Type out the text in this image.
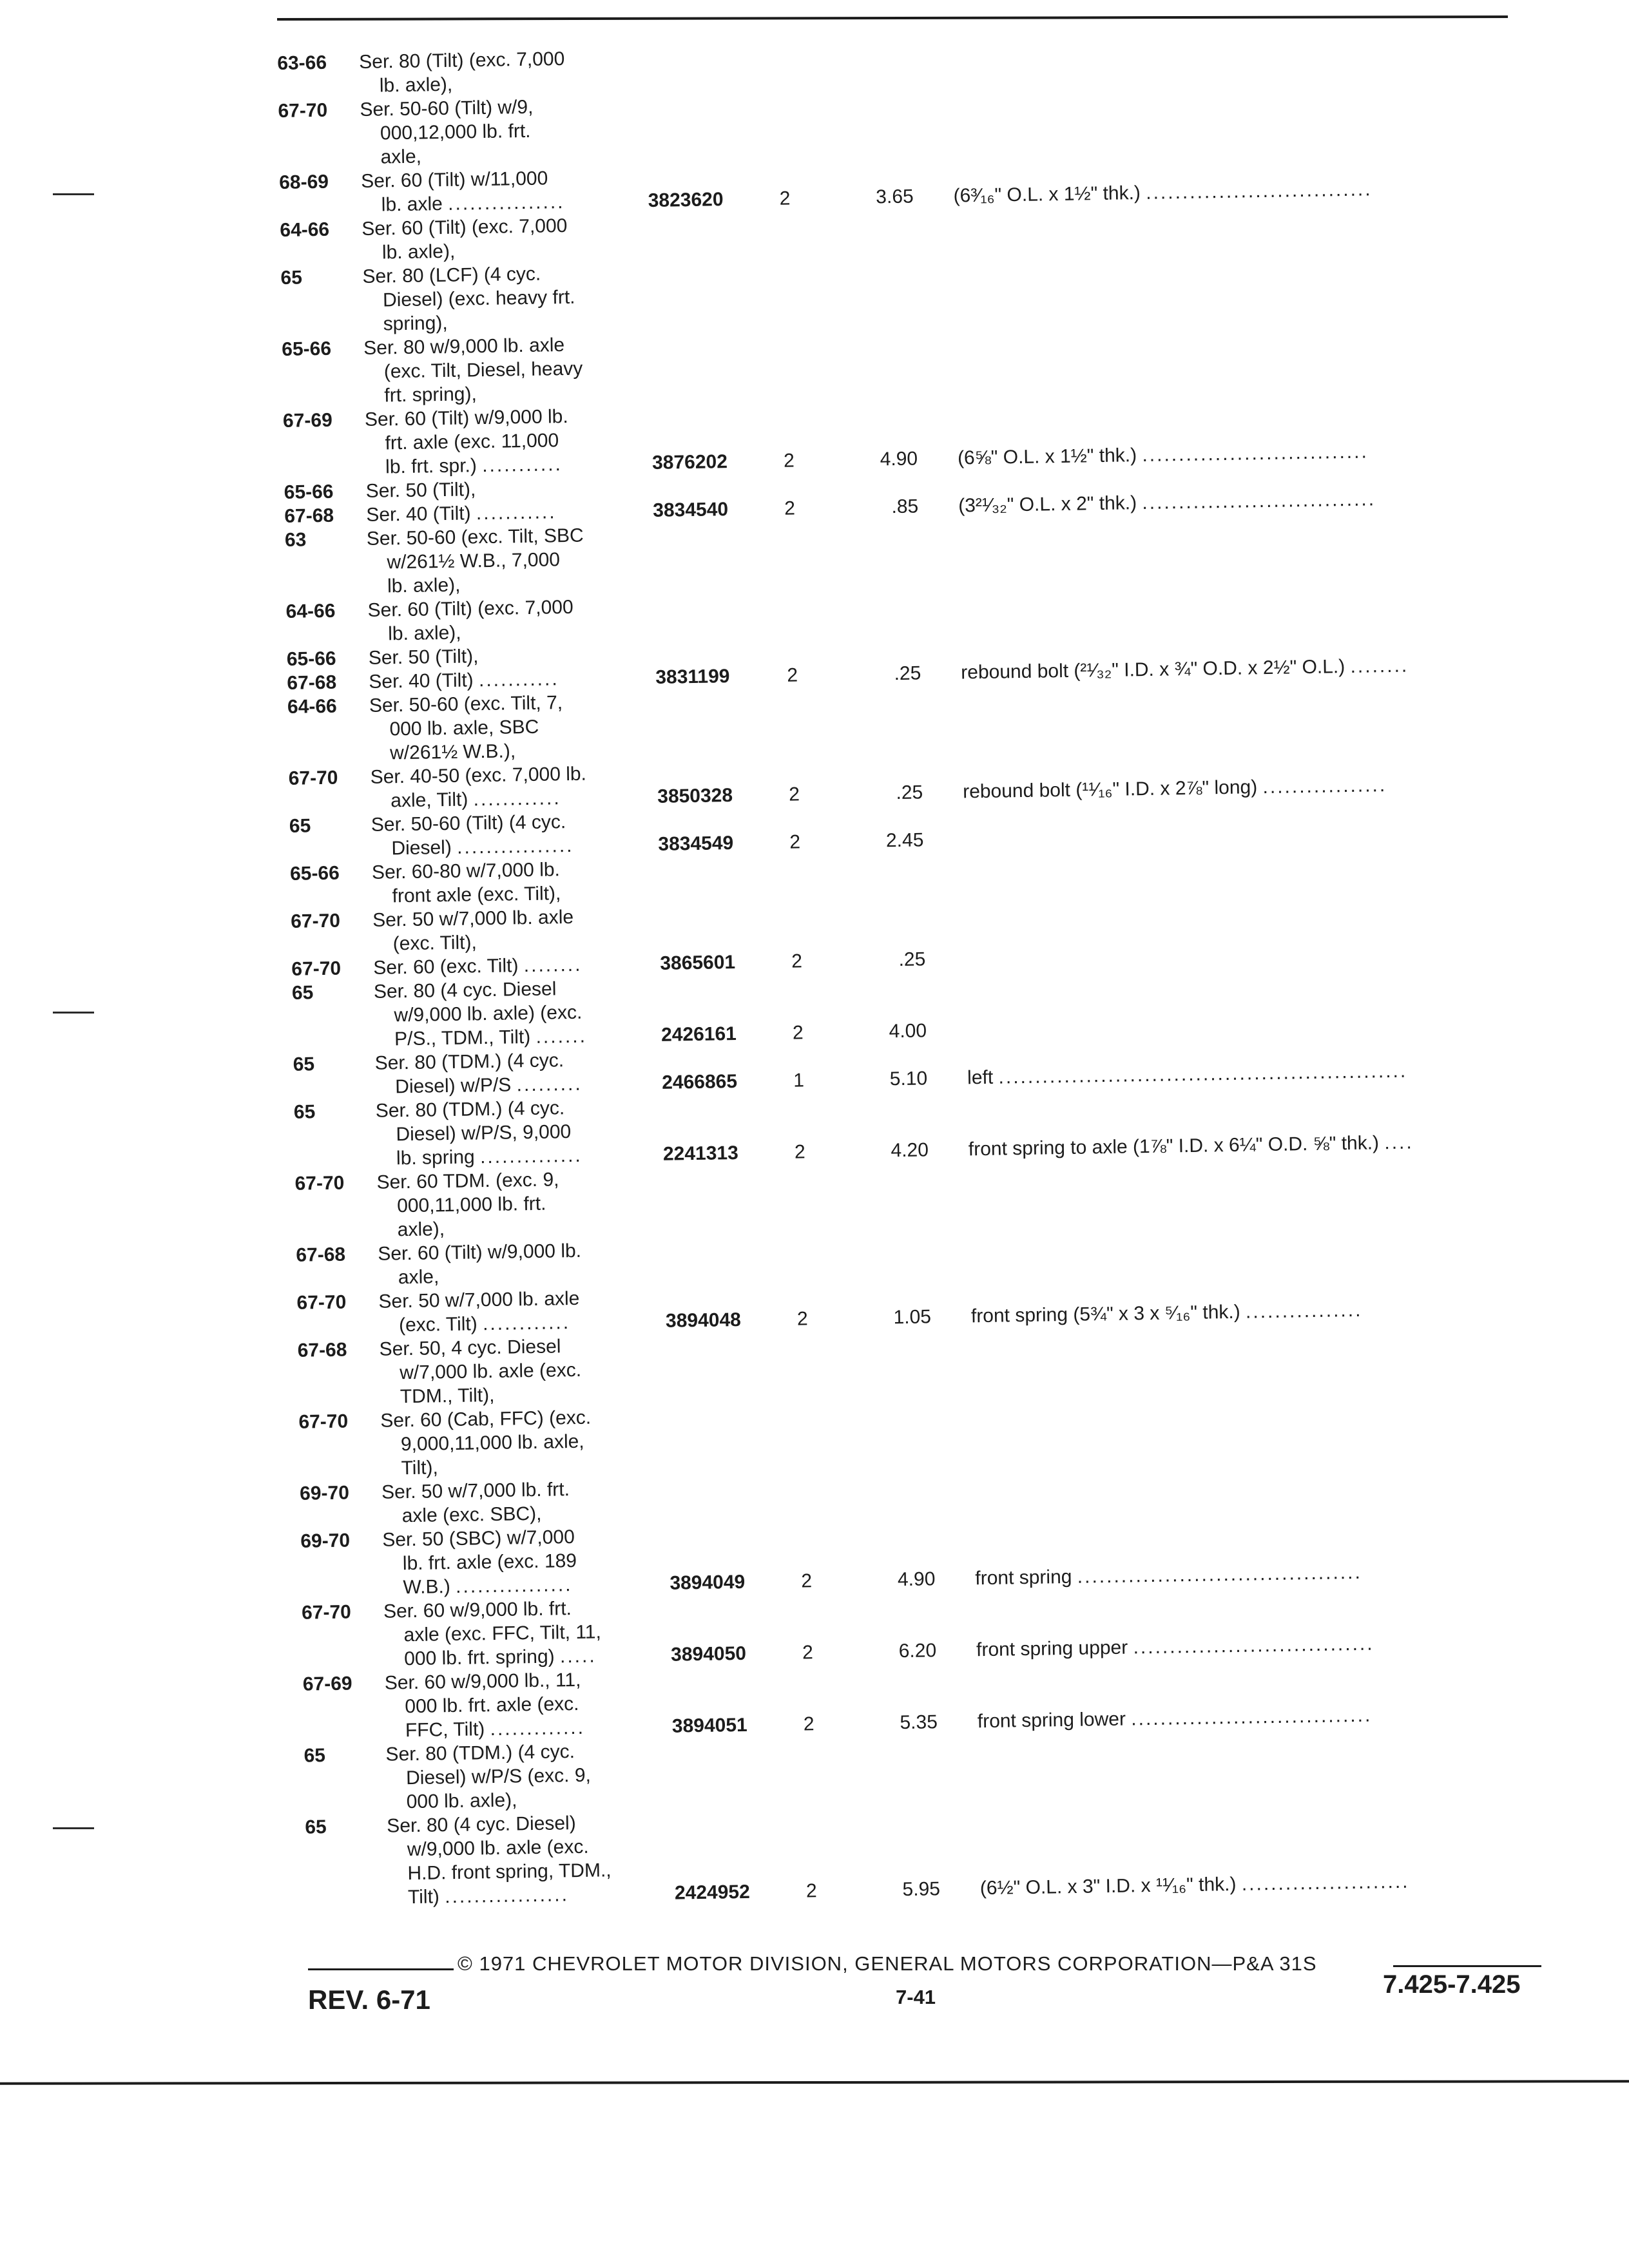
63-66 Ser. 80 (Tilt) (exc. 7,000
lb. axle),
67-70 Ser. 50-60 (Tilt) w/9,
000,12,000 lb. frt.
axle,
68-69 Ser. 60 (Tilt) w/11,000
lb. axle ................	3823620	2	3.65 (6³⁄₁₆" O.L. x 1½" thk.) ...............................
64-66 Ser. 60 (Tilt) (exc. 7,000
lb. axle),
65	Ser. 80 (LCF) (4 cyc.
Diesel) (exc. heavy frt.
spring),
65-66 Ser. 80 w/9,000 lb. axle
(exc. Tilt, Diesel, heavy
frt. spring),
67-69 Ser. 60 (Tilt) w/9,000 lb.
frt. axle (exc. 11,000
lb. frt. spr.) ...........	3876202	2	4.90 (6⅝" O.L. x 1½" thk.) ...............................
65-66 Ser. 50 (Tilt),
67-68 Ser. 40 (Tilt) ...........	3834540	2	.85 (3²¹⁄₃₂" O.L. x 2" thk.) ................................
63	Ser. 50-60 (exc. Tilt, SBC
w/261½ W.B., 7,000
lb. axle),
64-66 Ser. 60 (Tilt) (exc. 7,000
lb. axle),
65-66 Ser. 50 (Tilt),
67-68 Ser. 40 (Tilt) ...........	3831199	2	.25 rebound bolt (²¹⁄₃₂" I.D. x ¾" O.D. x 2½" O.L.) ........
64-66 Ser. 50-60 (exc. Tilt, 7,
000 lb. axle, SBC
w/261½ W.B.),
67-70 Ser. 40-50 (exc. 7,000 lb.
axle, Tilt) ............	3850328	2	.25 rebound bolt (¹¹⁄₁₆" I.D. x 2⅞" long) .................
65	Ser. 50-60 (Tilt) (4 cyc.
Diesel) ................	3834549	2	2.45
65-66 Ser. 60-80 w/7,000 lb.
front axle (exc. Tilt),
67-70 Ser. 50 w/7,000 lb. axle
(exc. Tilt),
67-70 Ser. 60 (exc. Tilt) ........	3865601	2	.25
65	Ser. 80 (4 cyc. Diesel
w/9,000 lb. axle) (exc.
P/S., TDM., Tilt) .......	2426161	2	4.00
65	Ser. 80 (TDM.) (4 cyc.
Diesel) w/P/S .........	2466865	1	5.10 left ........................................................
65	Ser. 80 (TDM.) (4 cyc.
Diesel) w/P/S, 9,000
lb. spring ..............	2241313	2	4.20 front spring to axle (1⅞" I.D. x 6¼" O.D. ⅝" thk.) ....
67-70 Ser. 60 TDM. (exc. 9,
000,11,000 lb. frt.
axle),
67-68 Ser. 60 (Tilt) w/9,000 lb.
axle,
67-70 Ser. 50 w/7,000 lb. axle
(exc. Tilt) ............	3894048	2	1.05 front spring (5¾" x 3 x ⁵⁄₁₆" thk.) ................
67-68 Ser. 50, 4 cyc. Diesel
w/7,000 lb. axle (exc.
TDM., Tilt),
67-70 Ser. 60 (Cab, FFC) (exc.
9,000,11,000 lb. axle,
Tilt),
69-70 Ser. 50 w/7,000 lb. frt.
axle (exc. SBC),
69-70 Ser. 50 (SBC) w/7,000
lb. frt. axle (exc. 189
W.B.) ................	3894049	2	4.90 front spring .......................................
67-70 Ser. 60 w/9,000 lb. frt.
axle (exc. FFC, Tilt, 11,
000 lb. frt. spring) .....	3894050	2	6.20 front spring upper .................................
67-69 Ser. 60 w/9,000 lb., 11,
000 lb. frt. axle (exc.
FFC, Tilt) .............	3894051	2	5.35 front spring lower .................................
65	Ser. 80 (TDM.) (4 cyc.
Diesel) w/P/S (exc. 9,
000 lb. axle),
65	Ser. 80 (4 cyc. Diesel)
w/9,000 lb. axle (exc.
H.D. front spring, TDM.,
Tilt) .................	2424952	2	5.95 (6½" O.L. x 3" I.D. x ¹¹⁄₁₆" thk.) .......................
© 1971 CHEVROLET MOTOR DIVISION, GENERAL MOTORS CORPORATION—P&A 31S
REV. 6-71	7-41	7.425-7.425
